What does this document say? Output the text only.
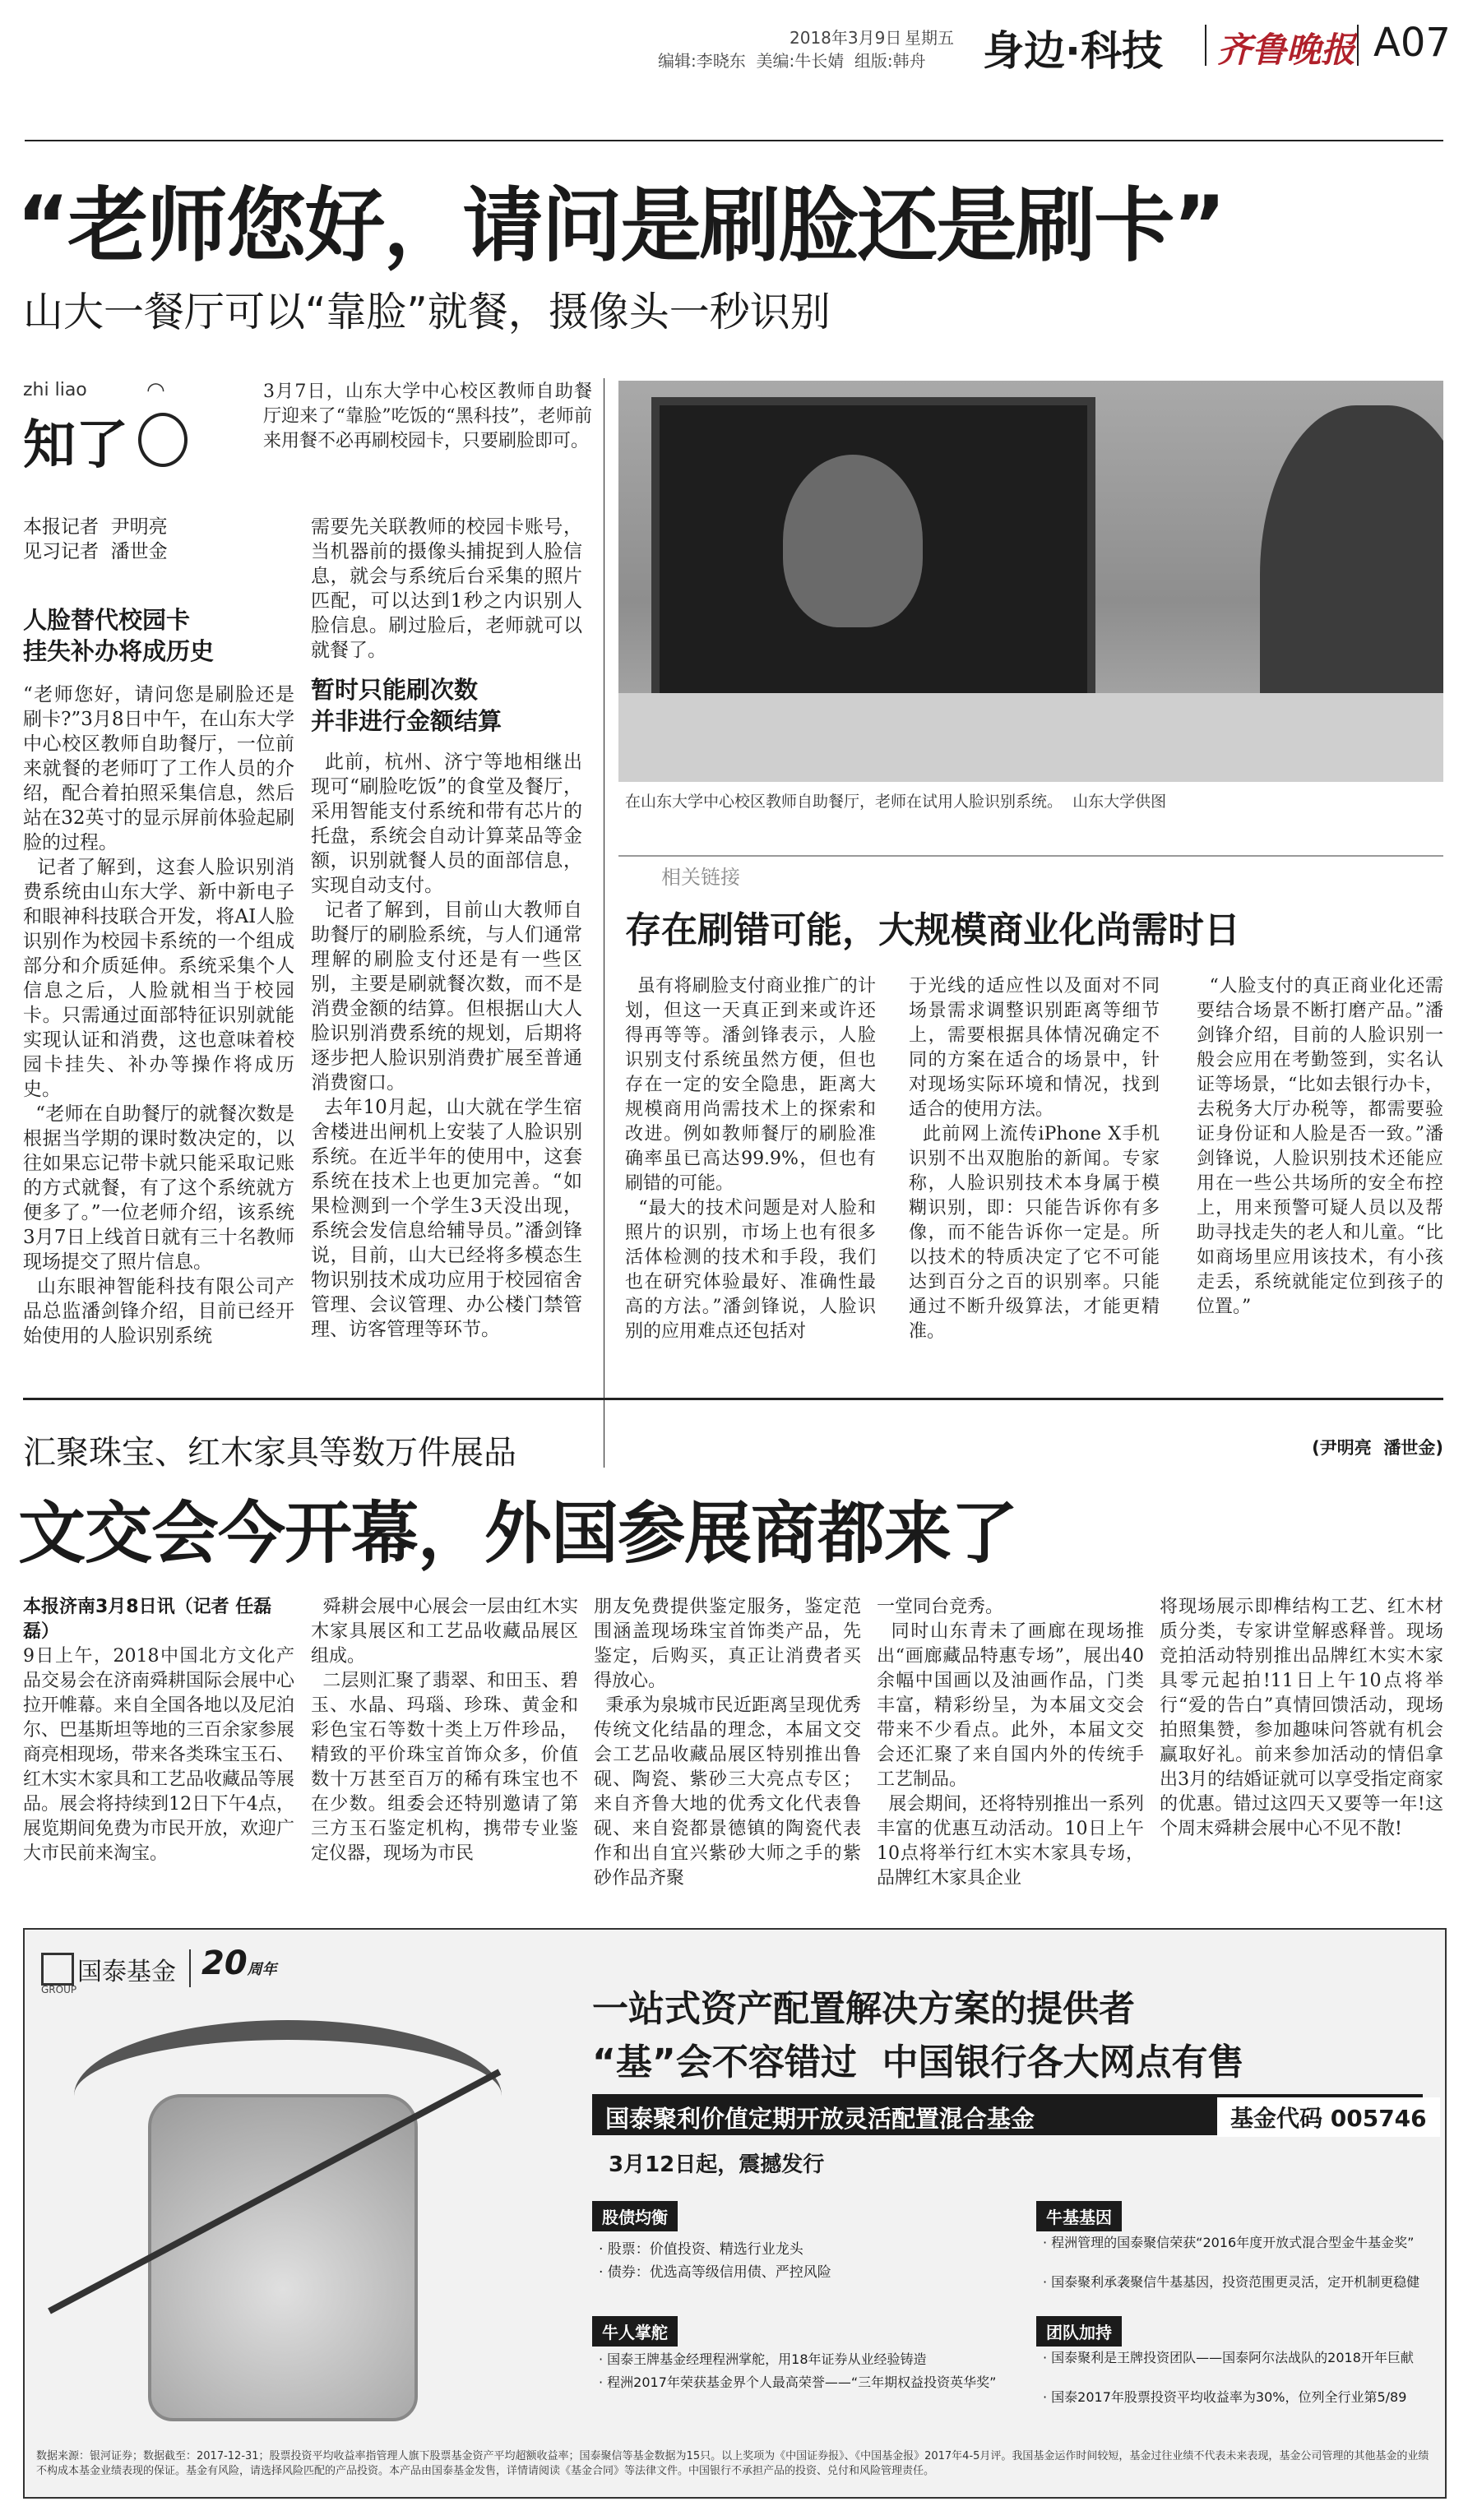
2018年3月9日 星期五
编辑:李晓东  美编:牛长婧  组版:韩舟 身边·科技 齐鲁晚报 A07
“老师您好，请问是刷脸还是刷卡”
山大一餐厅可以“靠脸”就餐，摄像头一秒识别
zhi liao	◠
知了
3月7日，山东大学中心校区教师自助餐厅迎来了“靠脸”吃饭的“黑科技”，老师前来用餐不必再刷校园卡，只要刷脸即可。
本报记者  尹明亮
见习记者  潘世金
人脸替代校园卡
挂失补办将成历史
“老师您好，请问您是刷脸还是刷卡?”3月8日中午，在山东大学中心校区教师自助餐厅，一位前来就餐的老师叮了工作人员的介绍，配合着拍照采集信息，然后站在32英寸的显示屏前体验起刷脸的过程。
记者了解到，这套人脸识别消费系统由山东大学、新中新电子和眼神科技联合开发，将AI人脸识别作为校园卡系统的一个组成部分和介质延伸。系统采集个人信息之后，人脸就相当于校园卡。只需通过面部特征识别就能实现认证和消费，这也意味着校园卡挂失、补办等操作将成历史。
“老师在自助餐厅的就餐次数是根据当学期的课时数决定的，以往如果忘记带卡就只能采取记账的方式就餐，有了这个系统就方便多了。”一位老师介绍，该系统3月7日上线首日就有三十名教师现场提交了照片信息。
山东眼神智能科技有限公司产品总监潘剑锋介绍，目前已经开始使用的人脸识别系统
需要先关联教师的校园卡账号，当机器前的摄像头捕捉到人脸信息，就会与系统后台采集的照片匹配，可以达到1秒之内识别人脸信息。刷过脸后，老师就可以就餐了。
暂时只能刷次数
并非进行金额结算
此前，杭州、济宁等地相继出现可“刷脸吃饭”的食堂及餐厅，采用智能支付系统和带有芯片的托盘，系统会自动计算菜品等金额，识别就餐人员的面部信息，实现自动支付。
记者了解到，目前山大教师自助餐厅的刷脸系统，与人们通常理解的刷脸支付还是有一些区别，主要是刷就餐次数，而不是消费金额的结算。但根据山大人脸识别消费系统的规划，后期将逐步把人脸识别消费扩展至普通消费窗口。
去年10月起，山大就在学生宿舍楼进出闸机上安装了人脸识别系统。在近半年的使用中，这套系统在技术上也更加完善。“如果检测到一个学生3天没出现，系统会发信息给辅导员。”潘剑锋说，目前，山大已经将多模态生物识别技术成功应用于校园宿舍管理、会议管理、办公楼门禁管理、访客管理等环节。
在山东大学中心校区教师自助餐厅，老师在试用人脸识别系统。  山东大学供图
相关链接
存在刷错可能，大规模商业化尚需时日
虽有将刷脸支付商业推广的计划，但这一天真正到来或许还得再等等。潘剑锋表示，人脸识别支付系统虽然方便，但也存在一定的安全隐患，距离大规模商用尚需技术上的探索和改进。例如教师餐厅的刷脸准确率虽已高达99.9%，但也有刷错的可能。
“最大的技术问题是对人脸和照片的识别，市场上也有很多活体检测的技术和手段，我们也在研究体验最好、准确性最高的方法。”潘剑锋说，人脸识别的应用难点还包括对
于光线的适应性以及面对不同场景需求调整识别距离等细节上，需要根据具体情况确定不同的方案在适合的场景中，针对现场实际环境和情况，找到适合的使用方法。
此前网上流传iPhone X手机识别不出双胞胎的新闻。专家称，人脸识别技术本身属于模糊识别，即：只能告诉你有多像，而不能告诉你一定是。所以技术的特质决定了它不可能达到百分之百的识别率。只能通过不断升级算法，才能更精准。
“人脸支付的真正商业化还需要结合场景不断打磨产品。”潘剑锋介绍，目前的人脸识别一般会应用在考勤签到，实名认证等场景，“比如去银行办卡，去税务大厅办税等，都需要验证身份证和人脸是否一致。”潘剑锋说，人脸识别技术还能应用在一些公共场所的安全布控上，用来预警可疑人员以及帮助寻找走失的老人和儿童。“比如商场里应用该技术，有小孩走丢，系统就能定位到孩子的位置。”
(尹明亮  潘世金)
汇聚珠宝、红木家具等数万件展品
文交会今开幕，外国参展商都来了
本报济南3月8日讯（记者 任磊磊）
9日上午，2018中国北方文化产品交易会在济南舜耕国际会展中心拉开帷幕。来自全国各地以及尼泊尔、巴基斯坦等地的三百余家参展商亮相现场，带来各类珠宝玉石、红木实木家具和工艺品收藏品等展品。展会将持续到12日下午4点，展览期间免费为市民开放，欢迎广大市民前来淘宝。
舜耕会展中心展会一层由红木实木家具展区和工艺品收藏品展区组成。
二层则汇聚了翡翠、和田玉、碧玉、水晶、玛瑙、珍珠、黄金和彩色宝石等数十类上万件珍品，精致的平价珠宝首饰众多，价值数十万甚至百万的稀有珠宝也不在少数。组委会还特别邀请了第三方玉石鉴定机构，携带专业鉴定仪器，现场为市民
朋友免费提供鉴定服务，鉴定范围涵盖现场珠宝首饰类产品，先鉴定，后购买，真正让消费者买得放心。
秉承为泉城市民近距离呈现优秀传统文化结晶的理念，本届文交会工艺品收藏品展区特别推出鲁砚、陶瓷、紫砂三大亮点专区；来自齐鲁大地的优秀文化代表鲁砚、来自瓷都景德镇的陶瓷代表作和出自宜兴紫砂大师之手的紫砂作品齐聚
一堂同台竞秀。
同时山东青未了画廊在现场推出“画廊藏品特惠专场”，展出40余幅中国画以及油画作品，门类丰富，精彩纷呈，为本届文交会带来不少看点。此外，本届文交会还汇聚了来自国内外的传统手工艺制品。
展会期间，还将特别推出一系列丰富的优惠互动活动。10日上午10点将举行红木实木家具专场，品牌红木家具企业
将现场展示即榫结构工艺、红木材质分类，专家讲堂解惑释普。现场竞拍活动特别推出品牌红木实木家具零元起拍!11日上午10点将举行“爱的告白”真情回馈活动，现场拍照集赞，参加趣味问答就有机会赢取好礼。前来参加活动的情侣拿出3月的结婚证就可以享受指定商家的优惠。错过这四天又要等一年!这个周末舜耕会展中心不见不散!
国泰基金
GROUP
20周年
一站式资产配置解决方案的提供者
“基”会不容错过  中国银行各大网点有售
国泰聚利价值定期开放灵活配置混合基金	基金代码 005746
3月12日起，震撼发行
股债均衡
· 股票：价值投资、精选行业龙头
· 债券：优选高等级信用债、严控风险
牛基基因
· 程洲管理的国泰聚信荣获“2016年度开放式混合型金牛基金奖”
· 国泰聚利承袭聚信牛基基因，投资范围更灵活，定开机制更稳健
牛人掌舵
· 国泰王牌基金经理程洲掌舵，用18年证券从业经验铸造
· 程洲2017年荣获基金界个人最高荣誉——“三年期权益投资英华奖”
团队加持
· 国泰聚利是王牌投资团队——国泰阿尔法战队的2018开年巨献
· 国泰2017年股票投资平均收益率为30%，位列全行业第5/89
数据来源：银河证券；数据截至：2017-12-31；股票投资平均收益率指管理人旗下股票基金资产平均超额收益率；国泰聚信等基金数据为15只。以上奖项为《中国证券报》、《中国基金报》2017年4-5月评。我国基金运作时间较短，基金过往业绩不代表未来表现，基金公司管理的其他基金的业绩不构成本基金业绩表现的保证。基金有风险，请选择风险匹配的产品投资。本产品由国泰基金发售，详情请阅读《基金合同》等法律文件。中国银行不承担产品的投资、兑付和风险管理责任。
